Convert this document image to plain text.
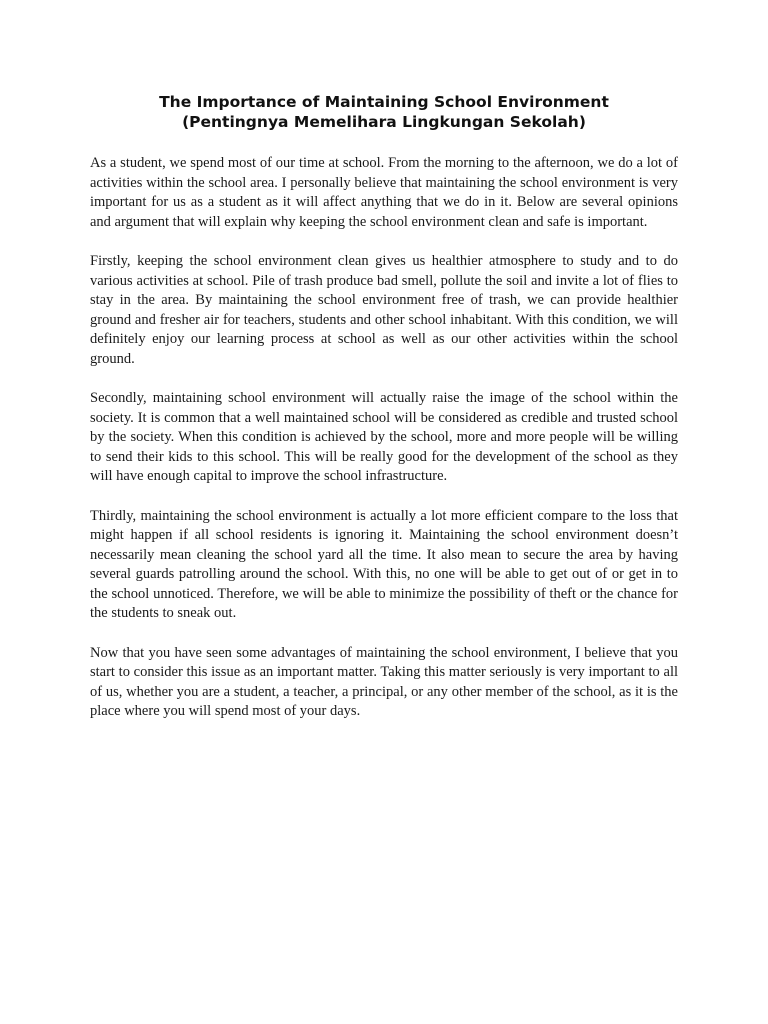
The Importance of Maintaining School Environment
(Pentingnya Memelihara Lingkungan Sekolah)

As a student, we spend most of our time at school. From the morning to the afternoon, we do a lot of activities within the school area. I personally believe that maintaining the school environment is very important for us as a student as it will affect anything that we do in it. Below are several opinions and argument that will explain why keeping the school environment clean and safe is important.

Firstly, keeping the school environment clean gives us healthier atmosphere to study and to do various activities at school. Pile of trash produce bad smell, pollute the soil and invite a lot of flies to stay in the area. By maintaining the school environment free of trash, we can provide healthier ground and fresher air for teachers, students and other school inhabitant. With this condition, we will definitely enjoy our learning process at school as well as our other activities within the school ground.

Secondly, maintaining school environment will actually raise the image of the school within the society. It is common that a well maintained school will be considered as credible and trusted school by the society. When this condition is achieved by the school, more and more people will be willing to send their kids to this school. This will be really good for the development of the school as they will have enough capital to improve the school infrastructure.

Thirdly, maintaining the school environment is actually a lot more efficient compare to the loss that might happen if all school residents is ignoring it. Maintaining the school environment doesn’t necessarily mean cleaning the school yard all the time. It also mean to secure the area by having several guards patrolling around the school. With this, no one will be able to get out of or get in to the school unnoticed. Therefore, we will be able to minimize the possibility of theft or the chance for the students to sneak out.

Now that you have seen some advantages of maintaining the school environment, I believe that you start to consider this issue as an important matter. Taking this matter seriously is very important to all of us, whether you are a student, a teacher, a principal, or any other member of the school, as it is the place where you will spend most of your days.
